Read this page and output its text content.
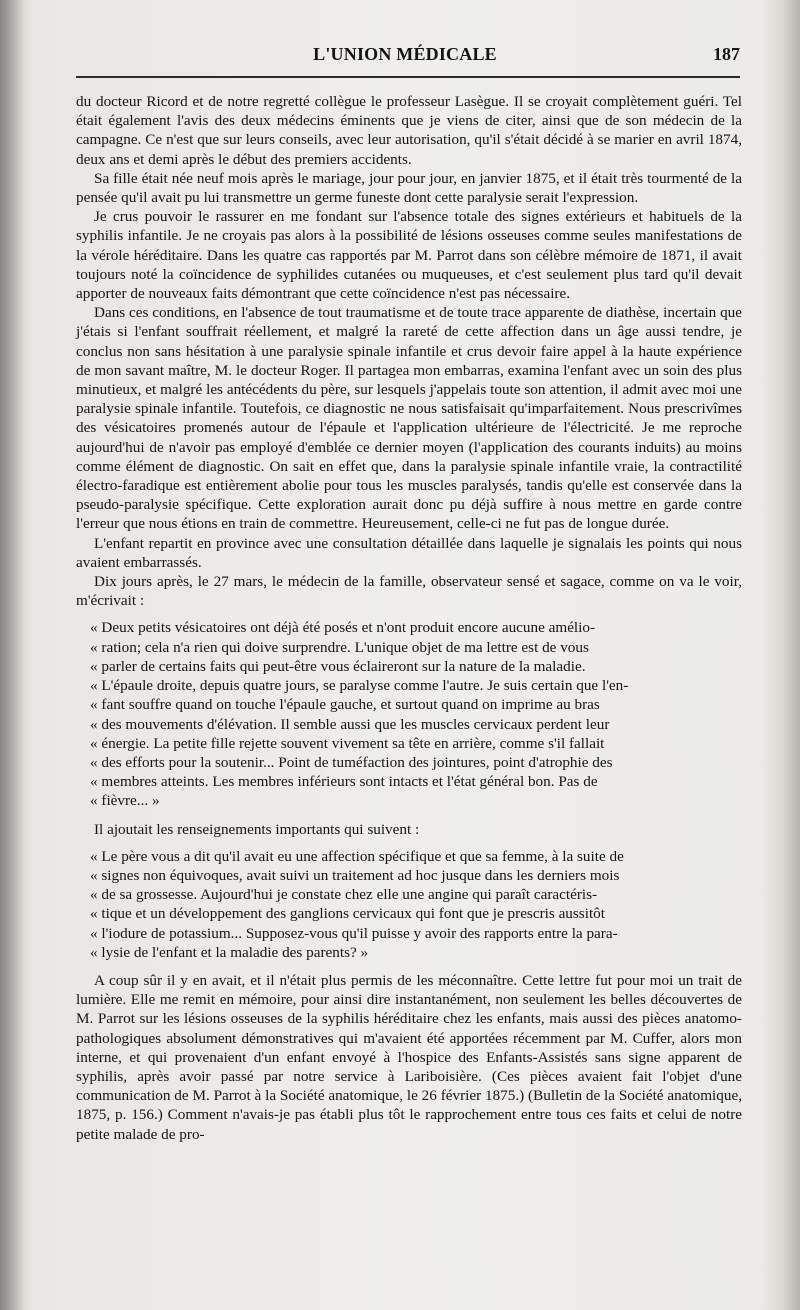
L'UNION MÉDICALE	187

du docteur Ricord et de notre regretté collègue le professeur Lasègue. Il se croyait complètement guéri. Tel était également l'avis des deux médecins éminents que je viens de citer, ainsi que de son médecin de la campagne. Ce n'est que sur leurs conseils, avec leur autorisation, qu'il s'était décidé à se marier en avril 1874, deux ans et demi après le début des premiers accidents.

Sa fille était née neuf mois après le mariage, jour pour jour, en janvier 1875, et il était très tourmenté de la pensée qu'il avait pu lui transmettre un germe funeste dont cette paralysie serait l'expression.

Je crus pouvoir le rassurer en me fondant sur l'absence totale des signes extérieurs et habituels de la syphilis infantile. Je ne croyais pas alors à la possibilité de lésions osseuses comme seules manifestations de la vérole héréditaire. Dans les quatre cas rapportés par M. Parrot dans son célèbre mémoire de 1871, il avait toujours noté la coïncidence de syphilides cutanées ou muqueuses, et c'est seulement plus tard qu'il devait apporter de nouveaux faits démontrant que cette coïncidence n'est pas nécessaire.

Dans ces conditions, en l'absence de tout traumatisme et de toute trace apparente de diathèse, incertain que j'étais si l'enfant souffrait réellement, et malgré la rareté de cette affection dans un âge aussi tendre, je conclus non sans hésitation à une paralysie spinale infantile et crus devoir faire appel à la haute expérience de mon savant maître, M. le docteur Roger. Il partagea mon embarras, examina l'enfant avec un soin des plus minutieux, et malgré les antécédents du père, sur lesquels j'appelais toute son attention, il admit avec moi une paralysie spinale infantile. Toutefois, ce diagnostic ne nous satisfaisait qu'imparfaitement. Nous prescrivîmes des vésicatoires promenés autour de l'épaule et l'application ultérieure de l'électricité. Je me reproche aujourd'hui de n'avoir pas employé d'emblée ce dernier moyen (l'application des courants induits) au moins comme élément de diagnostic. On sait en effet que, dans la paralysie spinale infantile vraie, la contractilité électro-faradique est entièrement abolie pour tous les muscles paralysés, tandis qu'elle est conservée dans la pseudo-paralysie spécifique. Cette exploration aurait donc pu déjà suffire à nous mettre en garde contre l'erreur que nous étions en train de commettre. Heureusement, celle-ci ne fut pas de longue durée.

L'enfant repartit en province avec une consultation détaillée dans laquelle je signalais les points qui nous avaient embarrassés.

Dix jours après, le 27 mars, le médecin de la famille, observateur sensé et sagace, comme on va le voir, m'écrivait :

« Deux petits vésicatoires ont déjà été posés et n'ont produit encore aucune amélio-

« ration; cela n'a rien qui doive surprendre. L'unique objet de ma lettre est de vous

« parler de certains faits qui peut-être vous éclaireront sur la nature de la maladie.

« L'épaule droite, depuis quatre jours, se paralyse comme l'autre. Je suis certain que l'en-

« fant souffre quand on touche l'épaule gauche, et surtout quand on imprime au bras

« des mouvements d'élévation. Il semble aussi que les muscles cervicaux perdent leur

« énergie. La petite fille rejette souvent vivement sa tête en arrière, comme s'il fallait

« des efforts pour la soutenir... Point de tuméfaction des jointures, point d'atrophie des

« membres atteints. Les membres inférieurs sont intacts et l'état général bon. Pas de

« fièvre... »

Il ajoutait les renseignements importants qui suivent :

« Le père vous a dit qu'il avait eu une affection spécifique et que sa femme, à la suite de

« signes non équivoques, avait suivi un traitement ad hoc jusque dans les derniers mois

« de sa grossesse. Aujourd'hui je constate chez elle une angine qui paraît caractéris-

« tique et un développement des ganglions cervicaux qui font que je prescris aussitôt

« l'iodure de potassium... Supposez-vous qu'il puisse y avoir des rapports entre la para-

« lysie de l'enfant et la maladie des parents? »

A coup sûr il y en avait, et il n'était plus permis de les méconnaître. Cette lettre fut pour moi un trait de lumière. Elle me remit en mémoire, pour ainsi dire instantanément, non seulement les belles découvertes de M. Parrot sur les lésions osseuses de la syphilis héréditaire chez les enfants, mais aussi des pièces anatomo-pathologiques absolument démonstratives qui m'avaient été apportées récemment par M. Cuffer, alors mon interne, et qui provenaient d'un enfant envoyé à l'hospice des Enfants-Assistés sans signe apparent de syphilis, après avoir passé par notre service à Lariboisière. (Ces pièces avaient fait l'objet d'une communication de M. Parrot à la Société anatomique, le 26 février 1875.) (Bulletin de la Société anatomique, 1875, p. 156.) Comment n'avais-je pas établi plus tôt le rapprochement entre tous ces faits et celui de notre petite malade de pro-
